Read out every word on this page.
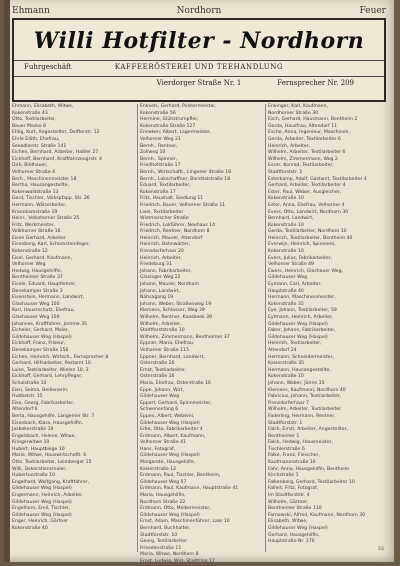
Ehmann	Nordhorn	Feuer
Willi Hotfilter - Nordhorn
Fuhrgeschäft	KAFFEERÖSTEREI UND TEEHANDLUNG
Vierdorger Straße Nr. 1	Fernsprecher Nr. 209
Ehmann, Elisabeth, Witwe,
Kokenstraße 43
Otto, Textilarbeiter,
Bauer Maske 8
Ehlig, Kurt, Angestellter, Delfterstr. 12
Ehrle Edith, Ehefrau,
Seeadlerstr. Straße 141
Eichen, Bernhard, Arbeiter, Haßler 27
Eickhoff, Bernhard, Kraftfahrzeugrstr. 4
Dirk, Bildhauer,
Velhorner Straße 4
Berh., Maschinenmeister 18
Bertha, Hausangestellte,
Kokenwaldstraße 13
Gerd, Tischler, Volkspfapp. Str. 26
Hermann, Wälzerbeiter,
Krannkamstraße 19
Heinr., Volkshorner Straße 25
Fritz, Werkmeister,
Volkhorner Straße 16
Eisen Gerhard, Arbeiter
Eisenberg, Karl, Schornsteinfeger,
Kokenstraße 12
Eisel, Gerhard, Kaufmann,
Velhorner Weg
Hedwig, Hausgehilfin,
Bentheimer Straße 37
Eisele, Eduard, Hauptlehrer,
Denekamper Straße 3
Eisenstein, Hermann, Landwirt,
Glashauser Weg 100
Karl, Hauerschutz, Ehefrau,
Glashauser Weg 100
Johannes, Kraftfahrer, Jomme 35
Eicheler, Gerhard, Maler,
Gildehauser Weg (Haspel)
Eickhoff, Franz, Friseur,
Denekamper Straße 156
Eichen, Heinrich, Wirtsch., Fernsprecher 8
Gerhard, Hilfsarbeiter, Postamt 10
Luise, Textilarbeiter, Wielen 10, 3
Eickhoff, Gerhard, Lehrpfleger,
Schulstraße 10
Eien, Selma, Bedienerin,
Hubbelstr. 15
Eise, Georg, Fabrikarbeiter,
Altendorf 6
Berta, Hausgehilfe, Langemer Str. 7
Eisenbach, Klara, Hausgehilfin,
Jasbekerstraße 10
Engelsbach, Helene, Witwe,
Kriegerwitwe 10
Hubert, Hauptbiege 10
Marie, Witwe, Hauswirtschaftl. 6
Otto, Textilarbeiter, Leimberger 15
Willi, Dekorationsmaler,
Hubertusstraße 10
Engelhard, Wolfgang, Kraftfahrer,
Gildehauser Weg (Haspel)
Engermann, Heinrich, Arbeiter,
Gildehauser Weg (Haspel)
Engelhorn, Emil, Tischler,
Gildehauser Weg (Haspel)
Enger, Heinrich, Gärtner
Kokenstraße 40
Enkvels, Gerhard, Polstermeister,
Kokenstraße 56
Hermine, Glühstrumpfler,
Kokenstraße Straße 127
Enneken, Albert, Lagermeister,
Velhorner Weg 21
Bernh., Rentner,
Zollweg 10
Bernh., Spinner,
Friedhofstraße 17
Bernh., Wirtschaftl., Lingener Straße 18
Bernh., Lokschaffner, Borsttalstraße 18
Eduard, Textilarbeiter,
Kokenstraße 17
Fritz, Haushalt, Siedlung 11
Friedrich, Bauer, Velhorner Straße 11
Lisel, Textilarbeiter
Wietmarscher Straße
Friedrich, Lokführer, Neuhaus 14
Friedrich, Rentner, Nordhorn 8
Heinrich, Maurer, Altendorf
Heinrich, Bahnwärter,
Frensdorferhaar 20
Heinrich, Arbeiter,
Friedeburg 31
Johann, Fabrikarbeiter,
Glasloger Weg 22
Johann, Maurer, Nordhorn
Johann, Landwirt,
Nähsagang 19
Johann, Weber, Straßenweg 19
Klemens, Schlosser, Weg 39
Wilhelm, Rentner, Kaasbeek 39
Wilhelm, Arbeiter,
Stadtforststraße 10
Wilhelm, Zimmermann, Bentheimer 37
Eppner, Maria, Ehefrau,
Velhorner Straße 115
Eppner, Bernhard, Landwirt,
Osterstraße 26
Ernst, Textilarbeiter,
Osterstraße 16
Maria, Ehefrau, Osterstraße 16
Eppe, Johann, Wirt,
Gildehauser Weg
Eppert, Gerhard, Spinnmeister,
Schwenenfang 6
Eppen, Albert, Weberei,
Gildehauser Weg (Haspel)
Erbe, Otto, Fabrikarbeiter 4
Erdmann, Albert, Kaufmann,
Velhorner Straße 41
Hans, Fotograf,
Gildehauser Weg (Haspel)
Margarete, Hausgehilfe,
Kaiserstraße 12
Erdmann, Paul, Tischler, Bentheim,
Gildehauser Weg 57
Erdmann, Paul, Kaufmann, Hauptstraße 41
Maria, Hausgehilfin,
Nordhorn Straße 22
Erdmann, Otto, Melkermeister,
Gildehauser Weg (Haspel)
Ernst, Adam, Maschinenführer, Laar 10
Bernhard, Buchhalter,
Stadtforststr. 10
Georg, Textilarbeiter
Frisedenstraße 11
Maria, Witwe, Nordhorn 8
Ernst, Ludwig, Wirt, Stadtring 17
Erwinger, Karl, Kaufmann,
Nordhorner Straße 30
Esch, Gerhard, Hausmann, Bentheim 2
Gerda, Hausfrau, Altendorf 11
Esche, Anna, Ingenieur, Maschinen,
Gerda, Arbeiter, Textilarbeiter 6
Heinrich, Arbeiter,
Wilhelm, Arbeiter, Textilarbeiter 6
Wilhelm, Zimmermann, Weg 2
Esser, Konrad, Textilarbeiter,
Stadtforststr. 1
Esterkamp, Adolf, Gastwirt, Textilarbeiter 4
Gerhard, Arbeiter, Textilarbeiter 4
Ester, Paul, Weber, Ausgleicher,
Kokenstraße 10
Ester, Anna, Ehefrau, Velhorner 4
Evers, Otto, Landwirt, Nordhorn 30
Bernhard, Landwirt,
Kokenstraße 10
Gerda, Textilarbeiter, Nordhorn 10
Heinrich, Textilarbeiter, Bentheim 40
Everwijn, Heinrich, Spinnerei,
Kokenstraße 10
Evers, Julius, Fabrikarbeiter,
Velhorner Straße 49
Ewers, Heinrich, Glashauer Weg,
Gildehauser Weg
Eymann, Carl, Arbeiter,
Hauptstraße 40
Hermann, Maschinenmeister,
Kokenstraße 35
Eye, Johann, Textilarbeiter, 59
Eytmann, Heinrich, Arbeiter,
Gildehauser Weg (Haspel)
Faber, Johann, Fabrikarbeiter,
Gildehauser Weg (Haspel)
Heinrich, Textilarbeiter,
Altendorf 24
Hermann, Schneidermeister,
Kaiserstraße 35
Hermann, Hausangestellte,
Kokenstraße 10
Johann, Weber, Jünne 35
Klemens, Kaufmann, Nordhorn 40
Fabricius, Johann, Textilarbeiter,
Frensdorferhaar 7
Wilhelm, Arbeiter, Textilarbeiter
Faderling, Hermann, Rentner,
Stadtforststr. 1
Falck, Ernst, Arbeiter, Angestellter,
Bentheimer 1
Falck, Hedwig, Hausmeister,
Tischlerstraße 6
Falke, Franz, Fleischer,
Kaufmannsstraße 16
Fahr, Anna, Hausgehilfin, Bentheim
Kirchstraße 1
Falkenberg, Gerhard, Textilarbeiter 10
Fallert, Fritz, Fotograf,
Im Stadtforststr. 4
Wilhelm, Gärtner,
Bentheimer Straße 110
Farnowski, Alfred, Kaufmann, Nordhorn 30
Elisabeth, Witwe,
Gildehauser Weg (Haspel)
Gerhard, Hausgehilfin,
Hauptstraße Nr. 170
33
